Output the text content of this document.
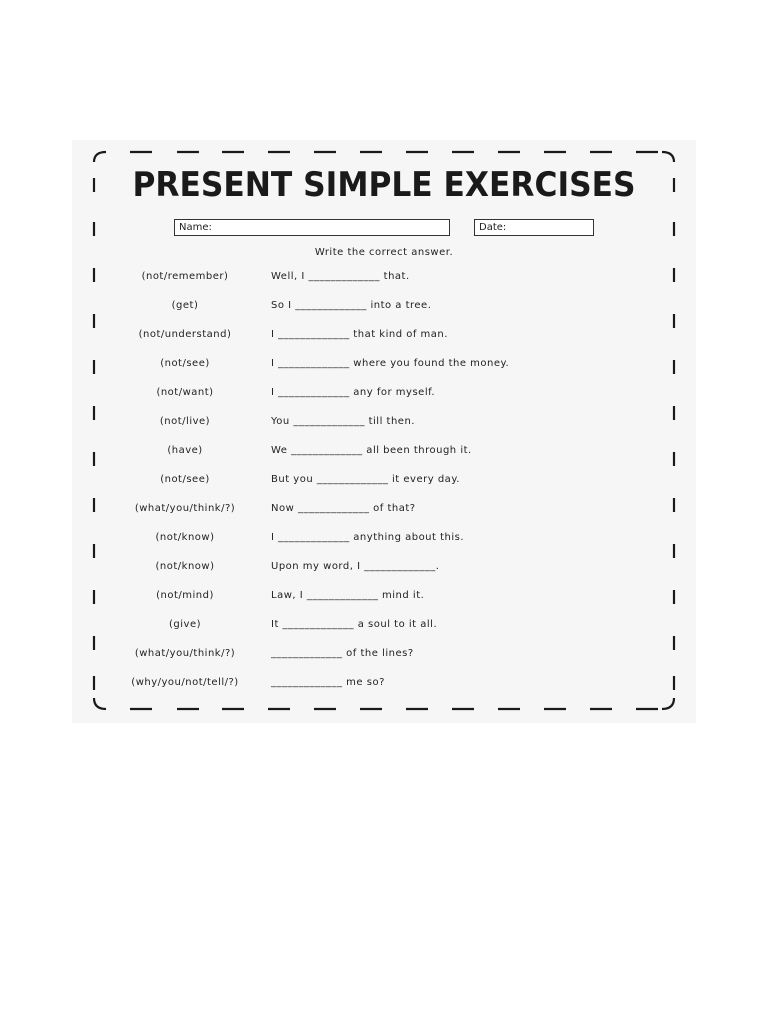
PRESENT SIMPLE EXERCISES
Name:	Date:
Write the correct answer.
(not/remember)	Well, I _____________ that.
(get)	So I _____________ into a tree.
(not/understand)	I _____________ that kind of man.
(not/see)	I _____________ where you found the money.
(not/want)	I _____________ any for myself.
(not/live)	You _____________ till then.
(have)	We _____________ all been through it.
(not/see)	But you _____________ it every day.
(what/you/think/?)	Now _____________ of that?
(not/know)	I _____________ anything about this.
(not/know)	Upon my word, I _____________.
(not/mind)	Law, I _____________ mind it.
(give)	It _____________ a soul to it all.
(what/you/think/?)	_____________ of the lines?
(why/you/not/tell/?)	_____________ me so?
